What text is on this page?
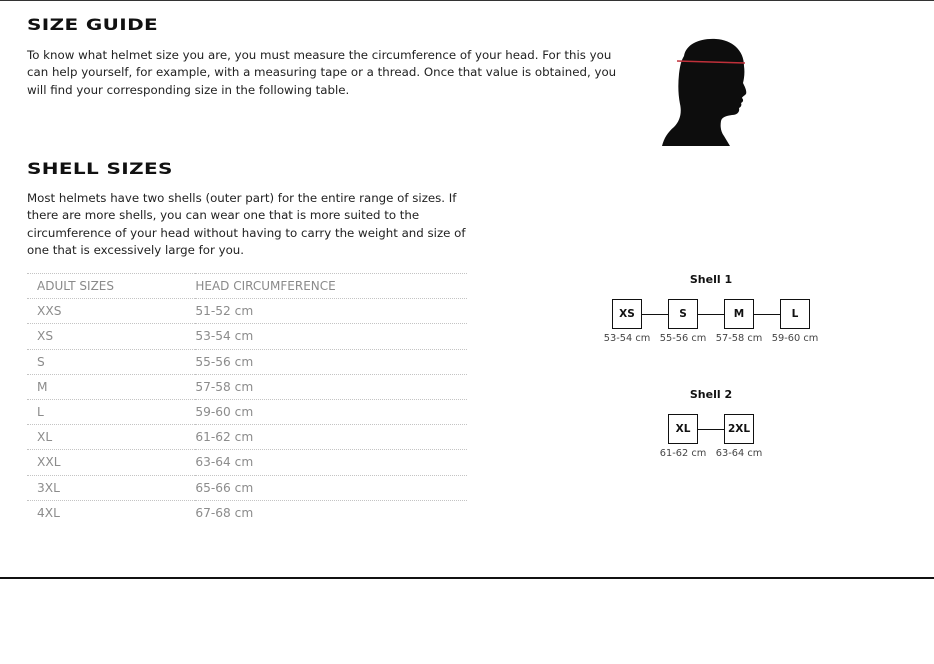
SIZE GUIDE

To know what helmet size you are, you must measure the circumference of your head. For this you can help yourself, for example, with a measuring tape or a thread. Once that value is obtained, you will find your corresponding size in the following table.

SHELL SIZES

Most helmets have two shells (outer part) for the entire range of sizes. If there are more shells, you can wear one that is more suited to the circumference of your head without having to carry the weight and size of one that is excessively large for you.

ADULT SIZES	HEAD CIRCUMFERENCE
XXS	51-52 cm
XS	53-54 cm
S	55-56 cm
M	57-58 cm
L	59-60 cm
XL	61-62 cm
XXL	63-64 cm
3XL	65-66 cm
4XL	67-68 cm
Shell 1
XS	S	M	L
53-54 cm 55-56 cm 57-58 cm 59-60 cm
Shell 2
XL	2XL
61-62 cm 63-64 cm
